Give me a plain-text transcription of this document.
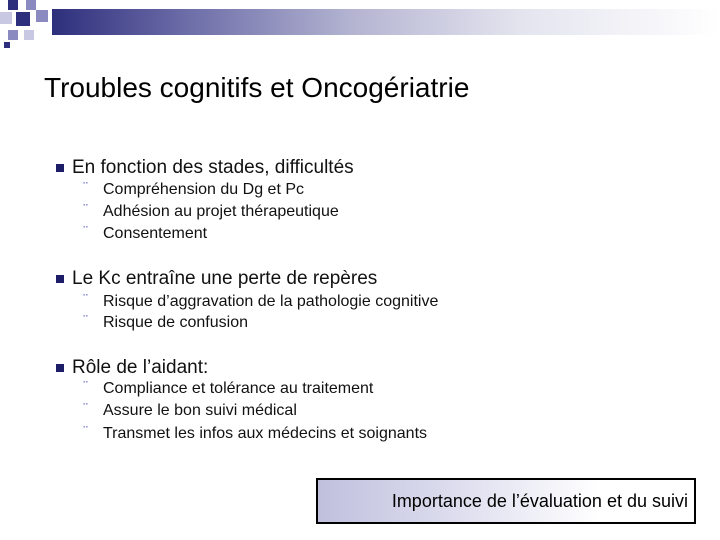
Troubles cognitifs et Oncogériatrie
En fonction des stades, difficultés
¨ Compréhension du Dg et Pc
¨ Adhésion au projet thérapeutique
¨ Consentement
Le Kc entraîne une perte de repères
¨ Risque d’aggravation de la pathologie cognitive
¨ Risque de confusion
Rôle de l’aidant:
¨ Compliance et tolérance au traitement
¨ Assure le bon suivi médical
¨ Transmet les infos aux médecins et soignants
Importance de l’évaluation et du suivi
